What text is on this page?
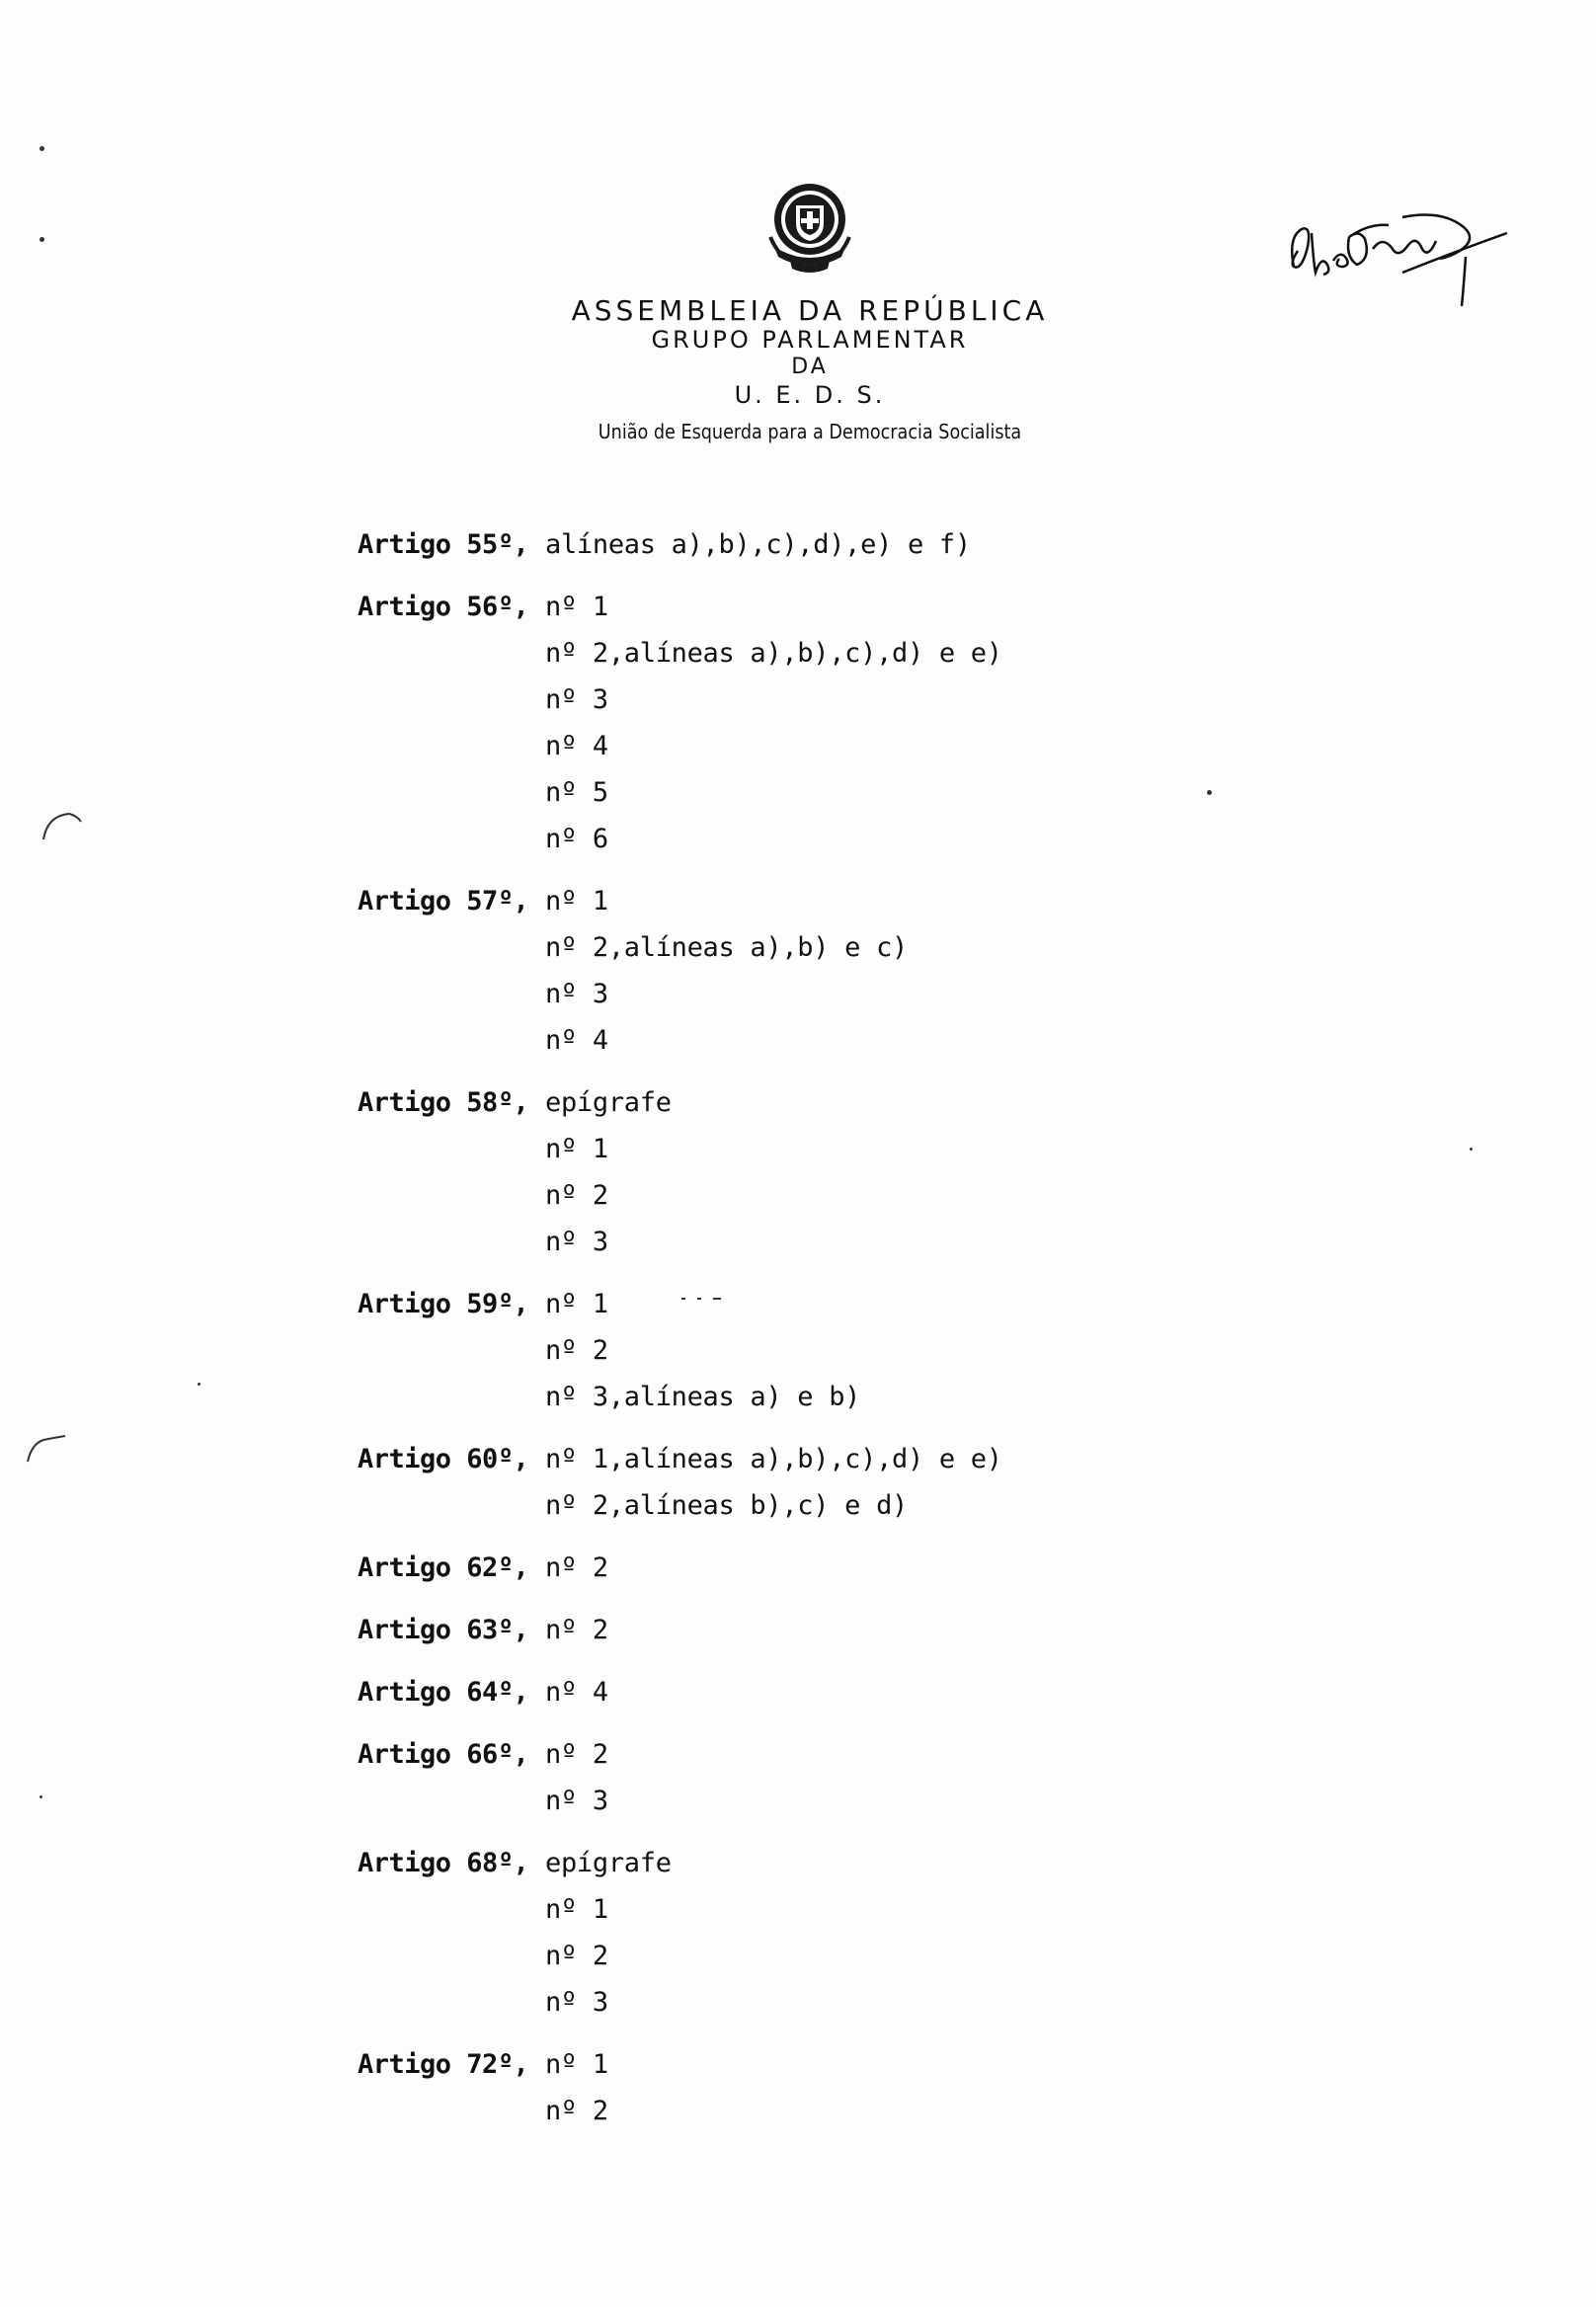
ASSEMBLEIA DA REPÚBLICA
GRUPO PARLAMENTAR
DA
U. E. D. S.
União de Esquerda para a Democracia Socialista
Artigo 55º, alíneas a),b),c),d),e) e f)
Artigo 56º, nº 1
nº 2,alíneas a),b),c),d) e e)
nº 3
nº 4
nº 5
nº 6
Artigo 57º, nº 1
nº 2,alíneas a),b) e c)
nº 3
nº 4
Artigo 58º, epígrafe
nº 1
nº 2
nº 3
Artigo 59º, nº 1
nº 2
nº 3,alíneas a) e b)
Artigo 60º, nº 1,alíneas a),b),c),d) e e)
nº 2,alíneas b),c) e d)
Artigo 62º, nº 2
Artigo 63º, nº 2
Artigo 64º, nº 4
Artigo 66º, nº 2
nº 3
Artigo 68º, epígrafe
nº 1
nº 2
nº 3
Artigo 72º, nº 1
nº 2
